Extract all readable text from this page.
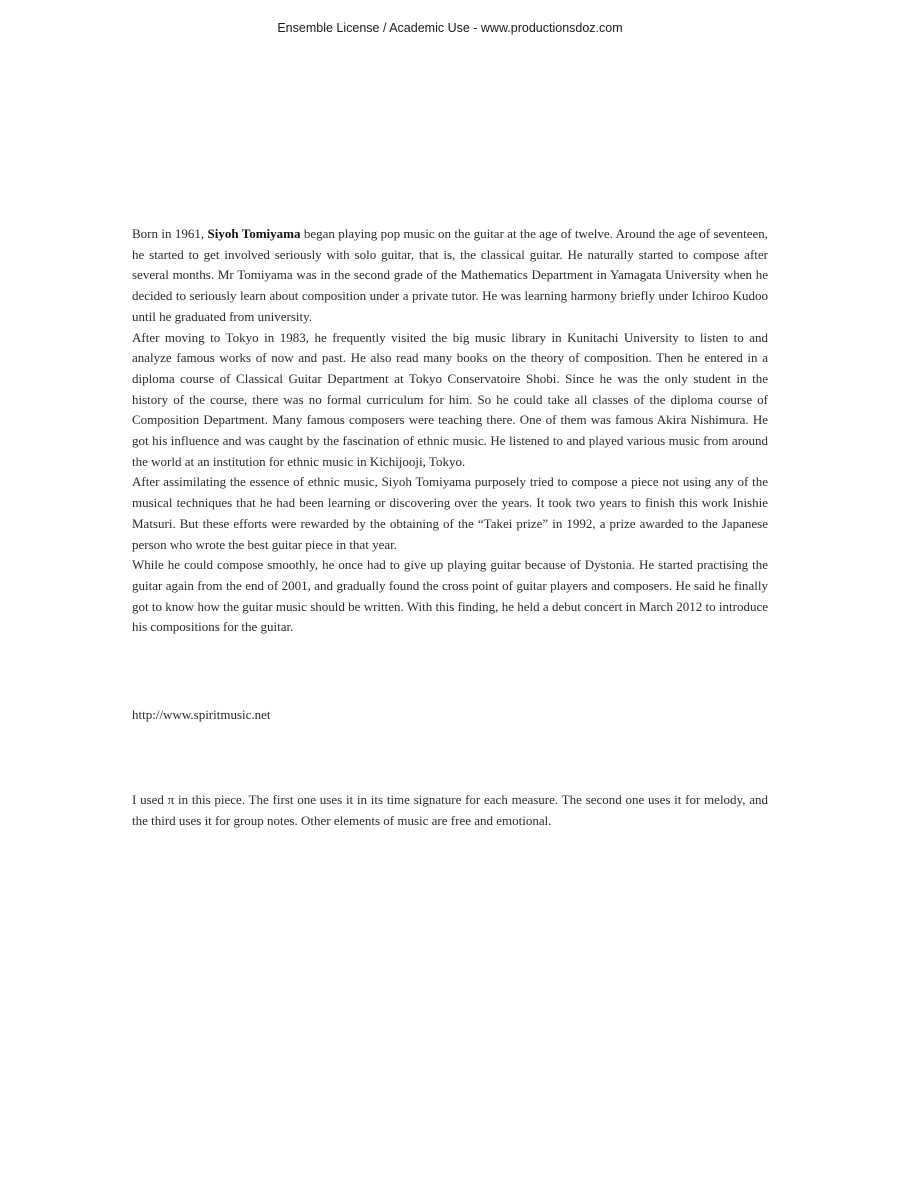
Ensemble License / Academic Use - www.productionsdoz.com

Born in 1961, Siyoh Tomiyama began playing pop music on the guitar at the age of twelve. Around the age of seventeen, he started to get involved seriously with solo guitar, that is, the classical guitar. He naturally started to compose after several months. Mr Tomiyama was in the second grade of the Mathematics Department in Yamagata University when he decided to seriously learn about composition under a private tutor. He was learning harmony briefly under Ichiroo Kudoo until he graduated from university.

After moving to Tokyo in 1983, he frequently visited the big music library in Kunitachi University to listen to and analyze famous works of now and past. He also read many books on the theory of composition. Then he entered in a diploma course of Classical Guitar Department at Tokyo Conservatoire Shobi. Since he was the only student in the history of the course, there was no formal curriculum for him. So he could take all classes of the diploma course of Composition Department. Many famous composers were teaching there. One of them was famous Akira Nishimura. He got his influence and was caught by the fascination of ethnic music. He listened to and played various music from around the world at an institution for ethnic music in Kichijooji, Tokyo.

After assimilating the essence of ethnic music, Siyoh Tomiyama purposely tried to compose a piece not using any of the musical techniques that he had been learning or discovering over the years. It took two years to finish this work Inishie Matsuri. But these efforts were rewarded by the obtaining of the “Takei prize” in 1992, a prize awarded to the Japanese person who wrote the best guitar piece in that year.

While he could compose smoothly, he once had to give up playing guitar because of Dystonia. He started practising the guitar again from the end of 2001, and gradually found the cross point of guitar players and composers. He said he finally got to know how the guitar music should be written. With this finding, he held a debut concert in March 2012 to introduce his compositions for the guitar.

http://www.spiritmusic.net

I used π in this piece. The first one uses it in its time signature for each measure. The second one uses it for melody, and the third uses it for group notes. Other elements of music are free and emotional.
